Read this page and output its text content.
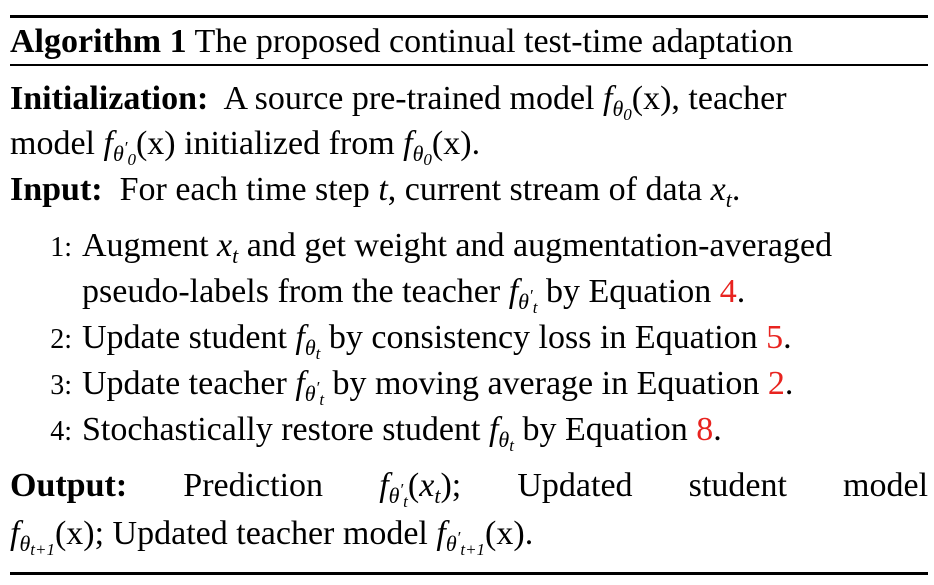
Algorithm 1 The proposed continual test-time adaptation
Initialization: A source pre-trained model $f_{\theta 0}(x)$, teacher
model $f_{\theta'0}(x)$ initialized from $f_{\theta 0}(x)$.
Input: For each time step t, current stream of data $x_t$.
1: Augment $x_t$ and get weight and augmentation-averaged
pseudo-labels from the teacher $f_{\theta't}$ by Equation 4.
2: Update student $f_{\theta t}$ by consistency loss in Equation 5.
3: Update teacher $f_{\theta't}$ by moving average in Equation 2.
4: Stochastically restore student $f_{\theta t}$ by Equation 8.
Output: Prediction $f_{\theta't}(x_t)$; Updated student model
$f_{\theta t+1}(x)$; Updated teacher model $f_{\theta't+1}(x)$.
